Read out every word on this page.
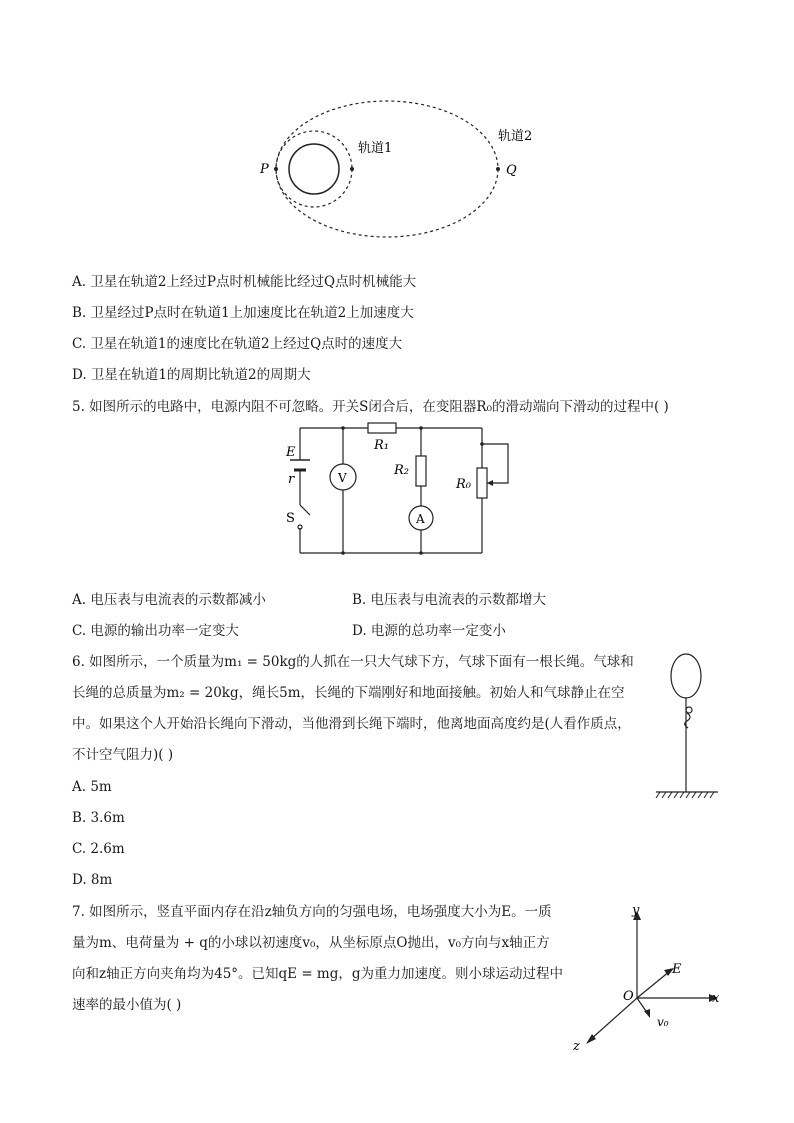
P	Q
轨道1
轨道2
A. 卫星在轨道2上经过P点时机械能比经过Q点时机械能大
B. 卫星经过P点时在轨道1上加速度比在轨道2上加速度大
C. 卫星在轨道1的速度比在轨道2上经过Q点时的速度大
D. 卫星在轨道1的周期比轨道2的周期大
5. 如图所示的电路中，电源内阻不可忽略。开关S闭合后，在变阻器R₀的滑动端向下滑动的过程中( )
E
r
S
V
A
R₁
R₂
R₀
A. 电压表与电流表的示数都减小	B. 电压表与电流表的示数都增大
C. 电源的输出功率一定变大	D. 电源的总功率一定变小
6. 如图所示，一个质量为m₁ = 50kg的人抓在一只大气球下方，气球下面有一根长绳。气球和
长绳的总质量为m₂ = 20kg，绳长5m，长绳的下端刚好和地面接触。初始人和气球静止在空
中。如果这个人开始沿长绳向下滑动，当他滑到长绳下端时，他离地面高度约是(人看作质点，
不计空气阻力)( )
A. 5m
B. 3.6m
C. 2.6m
D. 8m
7. 如图所示，竖直平面内存在沿z轴负方向的匀强电场，电场强度大小为E。一质
量为m、电荷量为 + q的小球以初速度v₀，从坐标原点O抛出，v₀方向与x轴正方
向和z轴正方向夹角均为45°。已知qE = mg，g为重力加速度。则小球运动过程中
速率的最小值为( )
y
x
z
O
E
v₀
